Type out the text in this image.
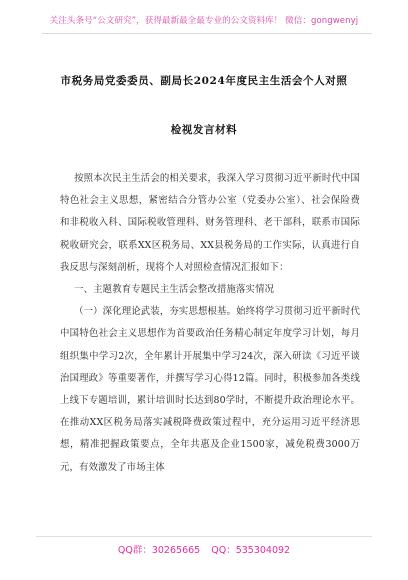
关注头条号“公文研究”，获得最新最全最专业的公文资料库！ 微信：gongwenyj
市税务局党委委员、副局长2024年度民主生活会个人对照
检视发言材料

按照本次民主生活会的相关要求，我深入学习贯彻习近平新时代中国特色社会主义思想，紧密结合分管办公室（党委办公室）、社会保险费和非税收入科、国际税收管理科、财务管理科、老干部科，联系市国际税收研究会，联系XX区税务局、XX县税务局的工作实际，认真进行自我反思与深刻剖析，现将个人对照检查情况汇报如下：

一、主题教育专题民主生活会整改措施落实情况

（一）深化理论武装，夯实思想根基。始终将学习贯彻习近平新时代中国特色社会主义思想作为首要政治任务精心制定年度学习计划，每月组织集中学习2次，全年累计开展集中学习24次，深入研读《习近平谈治国理政》等重要著作，并撰写学习心得12篇。同时，积极参加各类线上线下专题培训，累计培训时长达到80学时，不断提升政治理论水平。在推动XX区税务局落实减税降费政策过程中，充分运用习近平经济思想，精准把握政策要点，全年共惠及企业1500家，减免税费3000万元，有效激发了市场主体

QQ群：30265665 QQ：535304092
